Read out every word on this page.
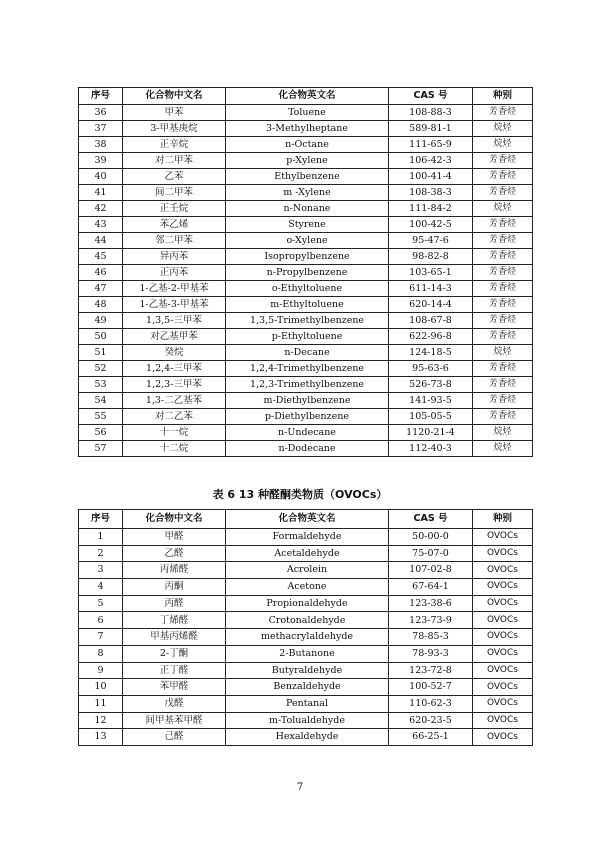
序号	化合物中文名	化合物英文名	CAS 号	种别
36	甲苯	Toluene	108-88-3	芳香烃
37	3-甲基庚烷	3-Methylheptane	589-81-1	烷烃
38	正辛烷	n-Octane	111-65-9	烷烃
39	对二甲苯	p-Xylene	106-42-3	芳香烃
40	乙苯	Ethylbenzene	100-41-4	芳香烃
41	间二甲苯	m -Xylene	108-38-3	芳香烃
42	正壬烷	n-Nonane	111-84-2	烷烃
43	苯乙烯	Styrene	100-42-5	芳香烃
44	邻二甲苯	o-Xylene	95-47-6	芳香烃
45	异丙苯	Isopropylbenzene	98-82-8	芳香烃
46	正丙苯	n-Propylbenzene	103-65-1	芳香烃
47	1-乙基-2-甲基苯	o-Ethyltoluene	611-14-3	芳香烃
48	1-乙基-3-甲基苯	m-Ethyltoluene	620-14-4	芳香烃
49	1,3,5-三甲苯	1,3,5-Trimethylbenzene	108-67-8	芳香烃
50	对乙基甲苯	p-Ethyltoluene	622-96-8	芳香烃
51	癸烷	n-Decane	124-18-5	烷烃
52	1,2,4-三甲苯	1,2,4-Trimethylbenzene	95-63-6	芳香烃
53	1,2,3-三甲苯	1,2,3-Trimethylbenzene	526-73-8	芳香烃
54	1,3-二乙基苯	m-Diethylbenzene	141-93-5	芳香烃
55	对二乙苯	p-Diethylbenzene	105-05-5	芳香烃
56	十一烷	n-Undecane	1120-21-4	烷烃
57	十二烷	n-Dodecane	112-40-3	烷烃
表 6 13 种醛酮类物质（OVOCs）
序号	化合物中文名	化合物英文名	CAS 号	种别
1	甲醛	Formaldehyde	50-00-0	OVOCs
2	乙醛	Acetaldehyde	75-07-0	OVOCs
3	丙烯醛	Acrolein	107-02-8	OVOCs
4	丙酮	Acetone	67-64-1	OVOCs
5	丙醛	Propionaldehyde	123-38-6	OVOCs
6	丁烯醛	Crotonaldehyde	123-73-9	OVOCs
7	甲基丙烯醛	methacrylaldehyde	78-85-3	OVOCs
8	2-丁酮	2-Butanone	78-93-3	OVOCs
9	正丁醛	Butyraldehyde	123-72-8	OVOCs
10	苯甲醛	Benzaldehyde	100-52-7	OVOCs
11	戊醛	Pentanal	110-62-3	OVOCs
12	间甲基苯甲醛	m-Tolualdehyde	620-23-5	OVOCs
13	己醛	Hexaldehyde	66-25-1	OVOCs
7
